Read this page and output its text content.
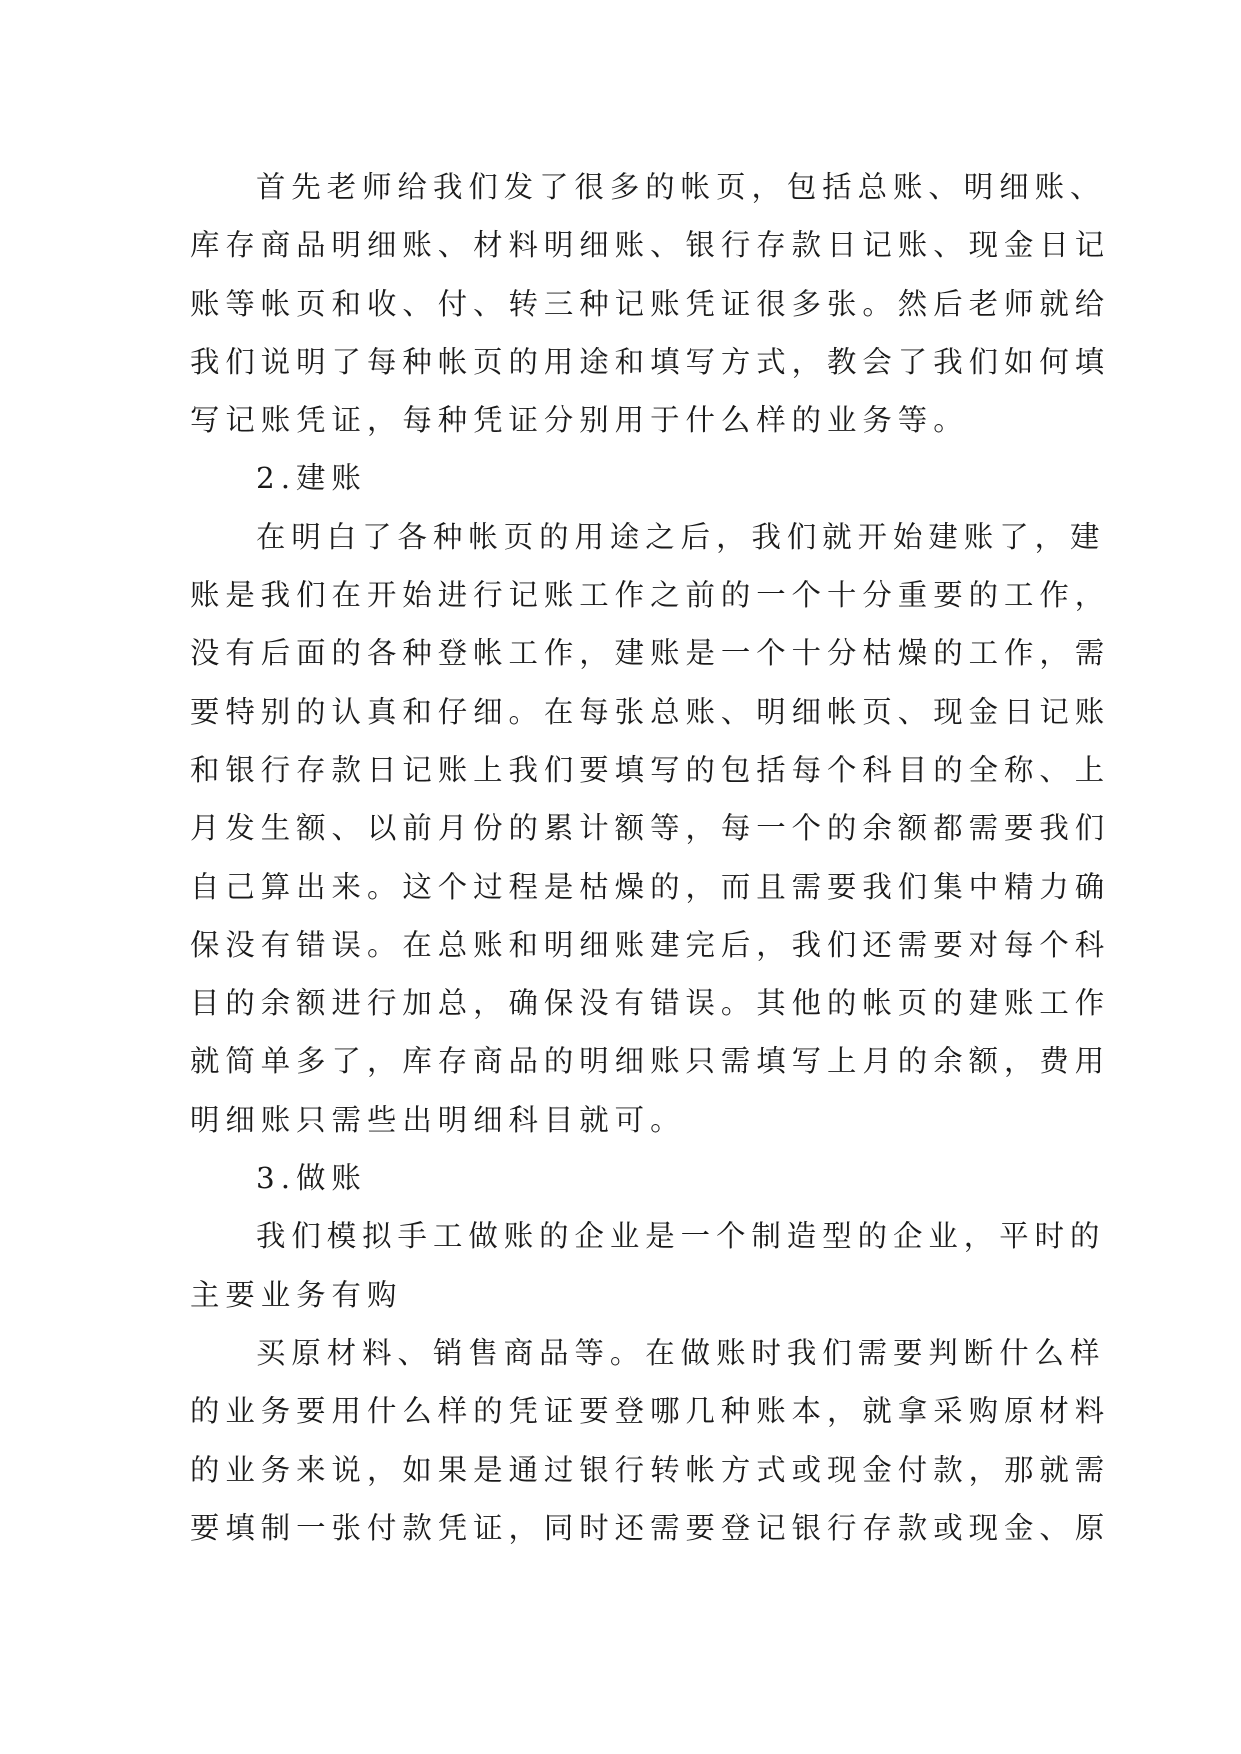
首先老师给我们发了很多的帐页，包括总账、明细账、

库存商品明细账、材料明细账、银行存款日记账、现金日记

账等帐页和收、付、转三种记账凭证很多张。然后老师就给

我们说明了每种帐页的用途和填写方式，教会了我们如何填

写记账凭证，每种凭证分别用于什么样的业务等。

2.建账

在明白了各种帐页的用途之后，我们就开始建账了，建

账是我们在开始进行记账工作之前的一个十分重要的工作，

没有后面的各种登帐工作，建账是一个十分枯燥的工作，需

要特别的认真和仔细。在每张总账、明细帐页、现金日记账

和银行存款日记账上我们要填写的包括每个科目的全称、上

月发生额、以前月份的累计额等，每一个的余额都需要我们

自己算出来。这个过程是枯燥的，而且需要我们集中精力确

保没有错误。在总账和明细账建完后，我们还需要对每个科

目的余额进行加总，确保没有错误。其他的帐页的建账工作

就简单多了，库存商品的明细账只需填写上月的余额，费用

明细账只需些出明细科目就可。

3.做账

我们模拟手工做账的企业是一个制造型的企业，平时的

主要业务有购

买原材料、销售商品等。在做账时我们需要判断什么样

的业务要用什么样的凭证要登哪几种账本，就拿采购原材料

的业务来说，如果是通过银行转帐方式或现金付款，那就需

要填制一张付款凭证，同时还需要登记银行存款或现金、原
